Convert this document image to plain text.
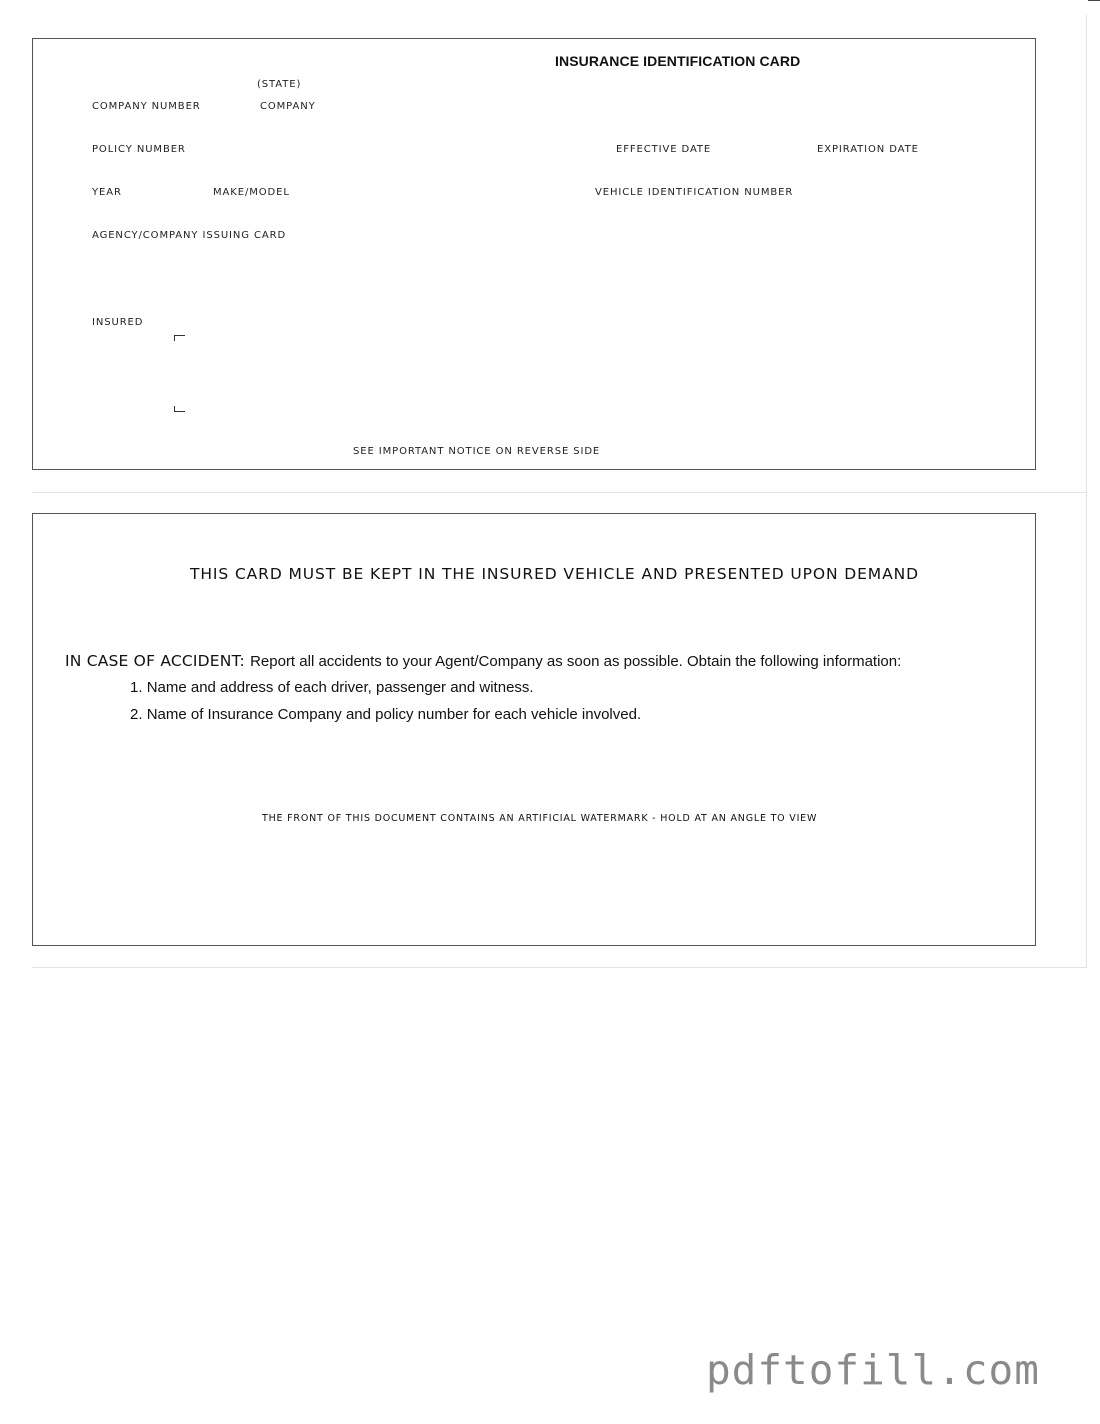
INSURANCE IDENTIFICATION CARD
(STATE)
COMPANY NUMBER	COMPANY
POLICY NUMBER	EFFECTIVE DATE	EXPIRATION DATE
YEAR	MAKE/MODEL	VEHICLE IDENTIFICATION NUMBER
AGENCY/COMPANY ISSUING CARD
INSURED
SEE IMPORTANT NOTICE ON REVERSE SIDE
THIS CARD MUST BE KEPT IN THE INSURED VEHICLE AND PRESENTED UPON DEMAND
IN CASE OF ACCIDENT: Report all accidents to your Agent/Company as soon as possible. Obtain the following information:
1. Name and address of each driver, passenger and witness.
2. Name of Insurance Company and policy number for each vehicle involved.
THE FRONT OF THIS DOCUMENT CONTAINS AN ARTIFICIAL WATERMARK - HOLD AT AN ANGLE TO VIEW
pdftofill.com
